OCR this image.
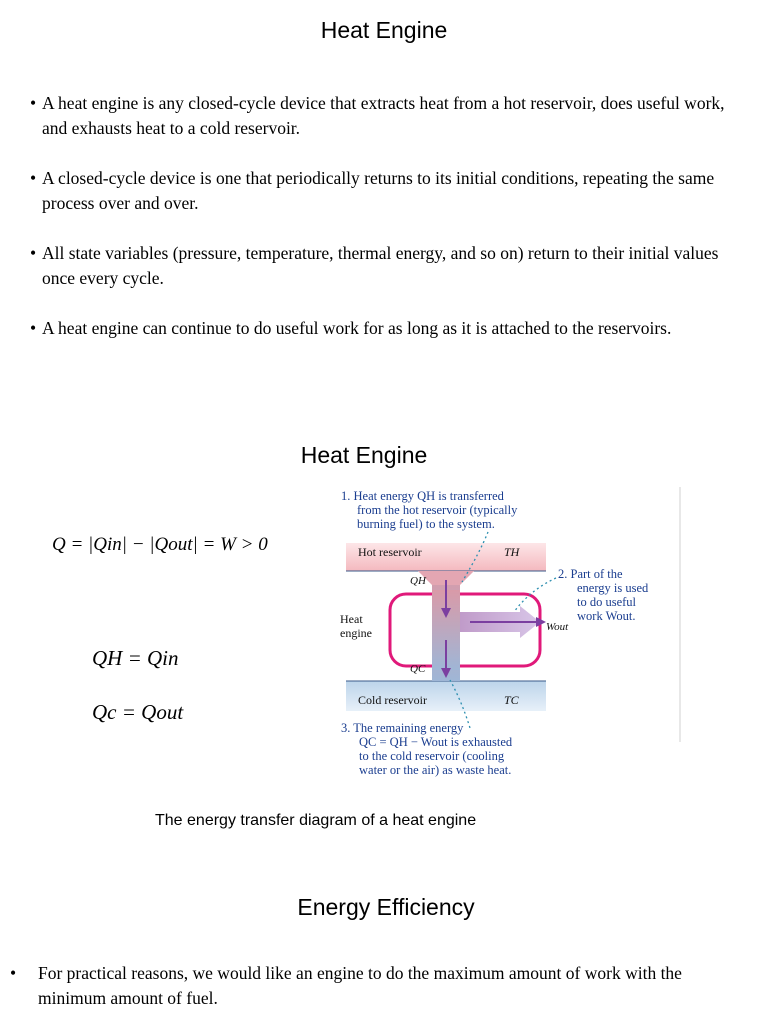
Heat Engine
• A heat engine is any closed-cycle device that extracts heat from a hot reservoir, does useful work, and exhausts heat to a cold reservoir.
• A closed-cycle device is one that periodically returns to its initial conditions, repeating the same process over and over.
• All state variables (pressure, temperature, thermal energy, and so on) return to their initial values once every cycle.
• A heat engine can continue to do useful work for as long as it is attached to the reservoirs.
Heat Engine
Q = |Qin| − |Qout| = W > 0
QH = Qin
Qc = Qout
1. Heat energy QH is transferred
from the hot reservoir (typically
burning fuel) to the system.
Hot reservoir	TH
QH	2. Part of the
energy is used
to do useful
work Wout.
Heat
engine	Wout
QC
Cold reservoir	TC
3. The remaining energy
QC = QH − Wout is exhausted
to the cold reservoir (cooling
water or the air) as waste heat.
The energy transfer diagram of a heat engine
Energy Efficiency
• For practical reasons, we would like an engine to do the maximum amount of work with the minimum amount of fuel.
